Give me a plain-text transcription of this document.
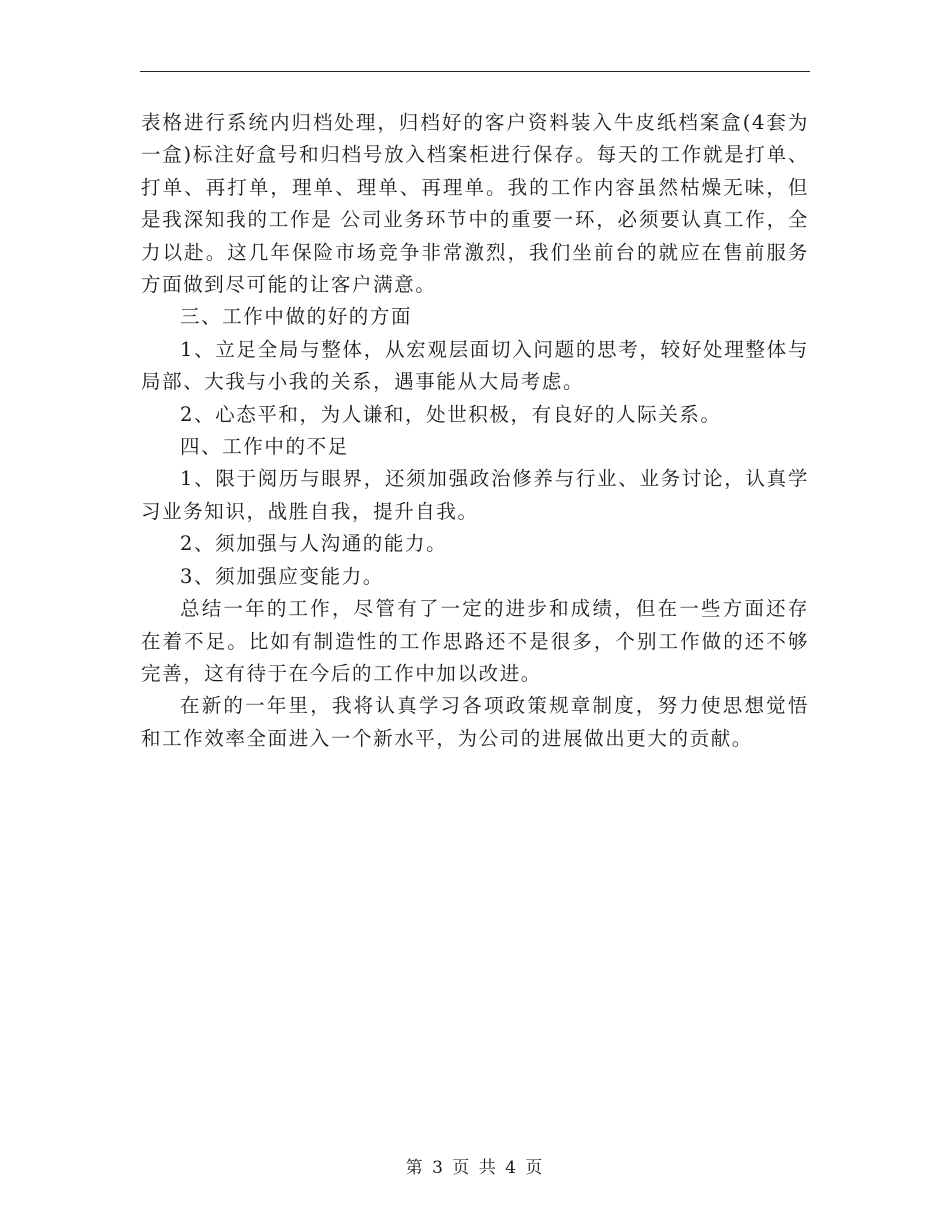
表格进行系统内归档处理，归档好的客户资料装入牛皮纸档案盒(4套为 一盒)标注好盒号和归档号放入档案柜进行保存。每天的工作就是打单、打单、再打单，理单、理单、再理单。我的工作内容虽然枯燥无味，但是我深知我的工作是 公司业务环节中的重要一环，必须要认真工作，全力以赴。这几年保险市场竞争非常激烈，我们坐前台的就应在售前服务方面做到尽可能的让客户满意。

三、工作中做的好的方面

1、立足全局与整体，从宏观层面切入问题的思考，较好处理整体与局部、大我与小我的关系，遇事能从大局考虑。

2、心态平和，为人谦和，处世积极，有良好的人际关系。

四、工作中的不足

1、限于阅历与眼界，还须加强政治修养与行业、业务讨论，认真学习业务知识，战胜自我，提升自我。

2、须加强与人沟通的能力。

3、须加强应变能力。

总结一年的工作，尽管有了一定的进步和成绩，但在一些方面还存在着不足。比如有制造性的工作思路还不是很多，个别工作做的还不够完善，这有待于在今后的工作中加以改进。

在新的一年里，我将认真学习各项政策规章制度，努力使思想觉悟和工作效率全面进入一个新水平，为公司的进展做出更大的贡献。

第 3 页 共 4 页
